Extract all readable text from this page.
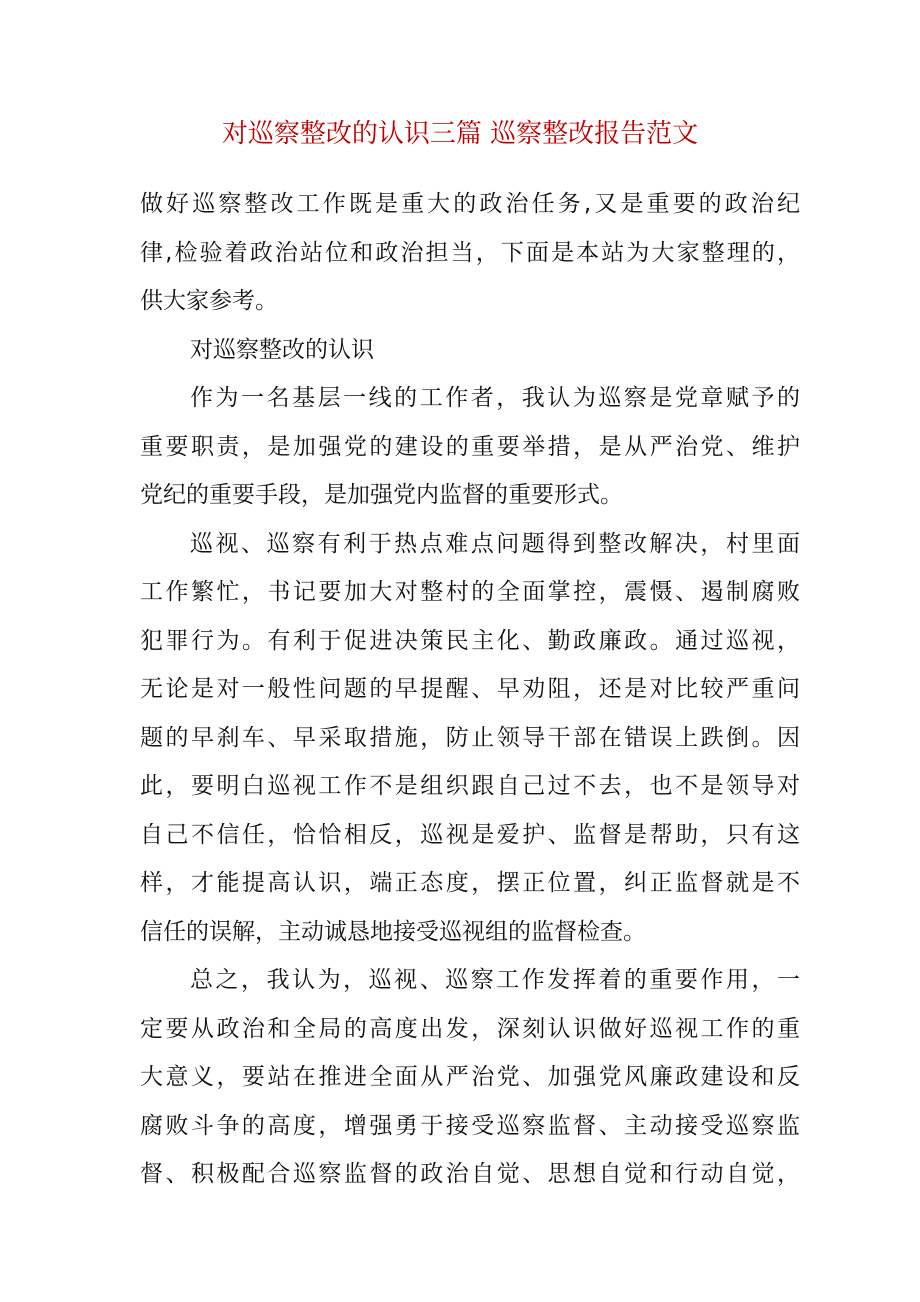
对巡察整改的认识三篇 巡察整改报告范文
做好巡察整改工作既是重大的政治任务,又是重要的政治纪
律,检验着政治站位和政治担当，下面是本站为大家整理的，
供大家参考。
对巡察整改的认识
作为一名基层一线的工作者，我认为巡察是党章赋予的
重要职责，是加强党的建设的重要举措，是从严治党、维护
党纪的重要手段，是加强党内监督的重要形式。
巡视、巡察有利于热点难点问题得到整改解决，村里面
工作繁忙，书记要加大对整村的全面掌控，震慑、遏制腐败
犯罪行为。有利于促进决策民主化、勤政廉政。通过巡视，
无论是对一般性问题的早提醒、早劝阻，还是对比较严重问
题的早刹车、早采取措施，防止领导干部在错误上跌倒。因
此，要明白巡视工作不是组织跟自己过不去，也不是领导对
自己不信任，恰恰相反，巡视是爱护、监督是帮助，只有这
样，才能提高认识，端正态度，摆正位置，纠正监督就是不
信任的误解，主动诚恳地接受巡视组的监督检查。
总之，我认为，巡视、巡察工作发挥着的重要作用，一
定要从政治和全局的高度出发，深刻认识做好巡视工作的重
大意义，要站在推进全面从严治党、加强党风廉政建设和反
腐败斗争的高度，增强勇于接受巡察监督、主动接受巡察监
督、积极配合巡察监督的政治自觉、思想自觉和行动自觉，
